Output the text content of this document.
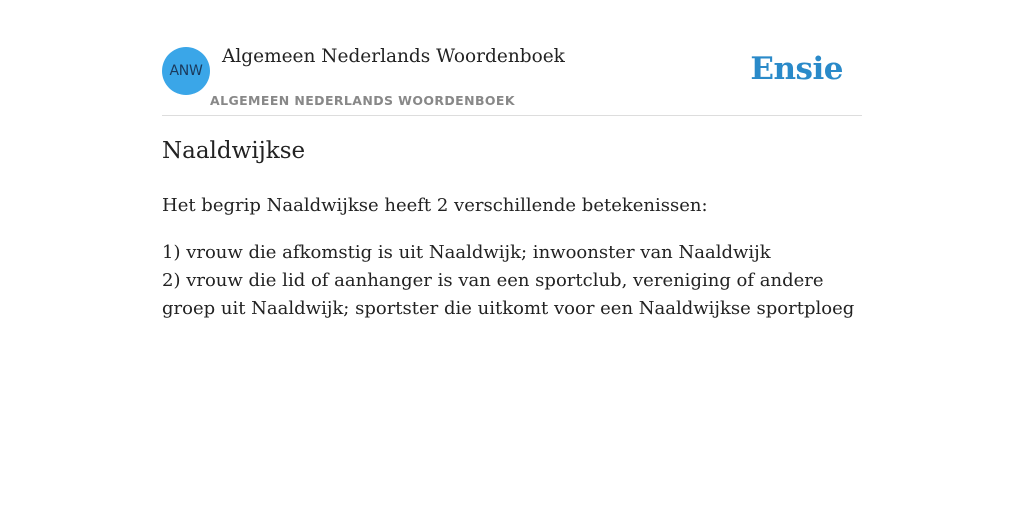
ANW
Algemeen Nederlands Woordenboek
ALGEMEEN NEDERLANDS WOORDENBOEK
Ensie
Naaldwijkse

Het begrip Naaldwijkse heeft 2 verschillende betekenissen:

1) vrouw die afkomstig is uit Naaldwijk; inwoonster van Naaldwijk
2) vrouw die lid of aanhanger is van een sportclub, vereniging of andere groep uit Naaldwijk; sportster die uitkomt voor een Naaldwijkse sportploeg
